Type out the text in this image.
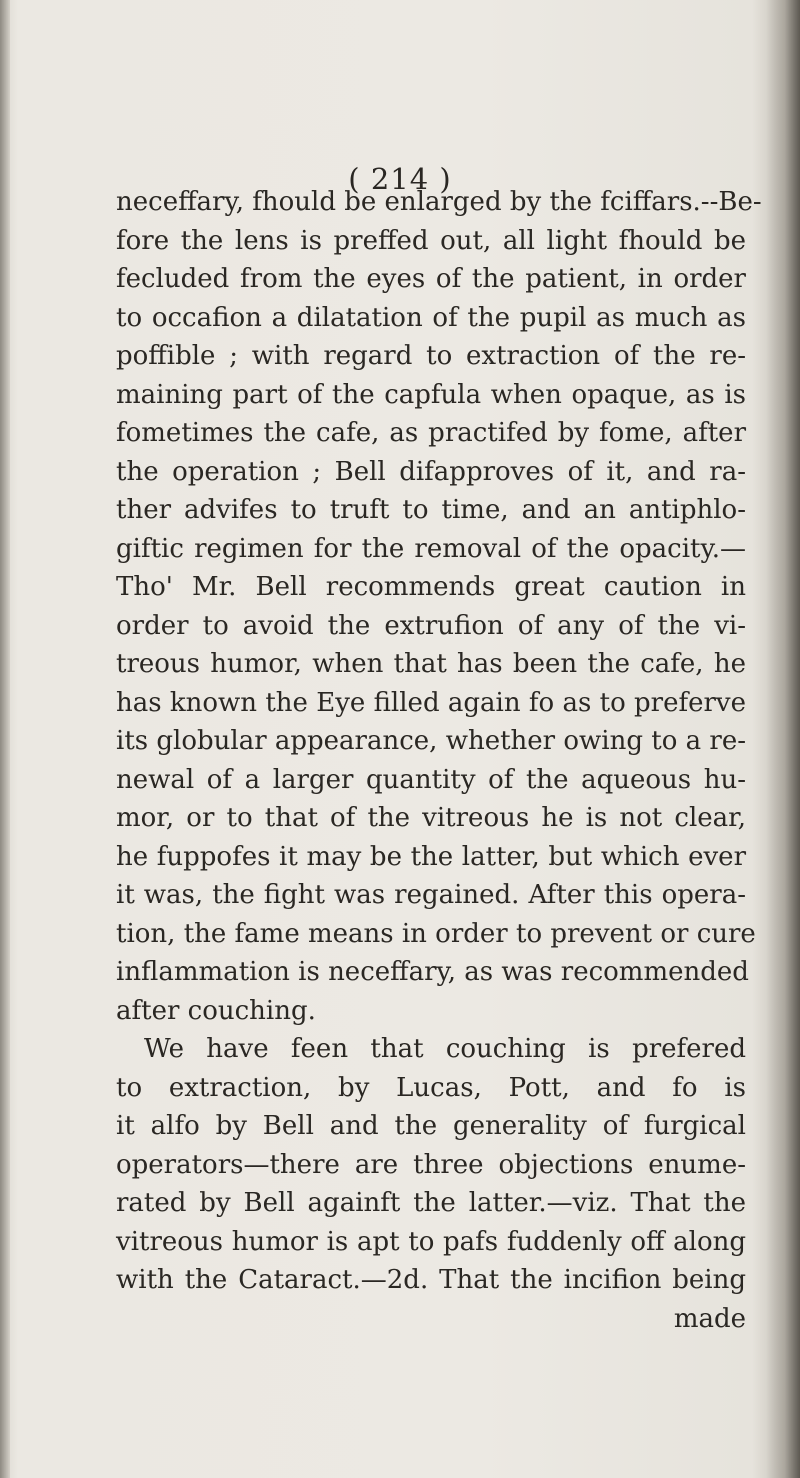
( 214 )
neceffary, fhould be enlarged by the fciffars.--Be-
fore the lens is preffed out, all light fhould be
fecluded from the eyes of the patient, in order
to occafion a dilatation of the pupil as much as
poffible ; with regard to extraction of the re-
maining part of the capfula when opaque, as is
fometimes the cafe, as practifed by fome, after
the operation ; Bell difapproves of it, and ra-
ther advifes to truft to time, and an antiphlo-
giftic regimen for the removal of the opacity.—
Tho' Mr. Bell recommends great caution in
order to avoid the extrufion of any of the vi-
treous humor, when that has been the cafe, he
has known the Eye filled again fo as to preferve
its globular appearance, whether owing to a re-
newal of a larger quantity of the aqueous hu-
mor, or to that of the vitreous he is not clear,
he fuppofes it may be the latter, but which ever
it was, the fight was regained. After this opera-
tion, the fame means in order to prevent or cure
inflammation is neceffary, as was recommended
after couching.
We have feen that couching is prefered
to extraction, by Lucas, Pott, and fo is
it alfo by Bell and the generality of furgical
operators—there are three objections enume-
rated by Bell againft the latter.—viz. That the
vitreous humor is apt to pafs fuddenly off along
with the Cataract.—2d. That the incifion being
made
